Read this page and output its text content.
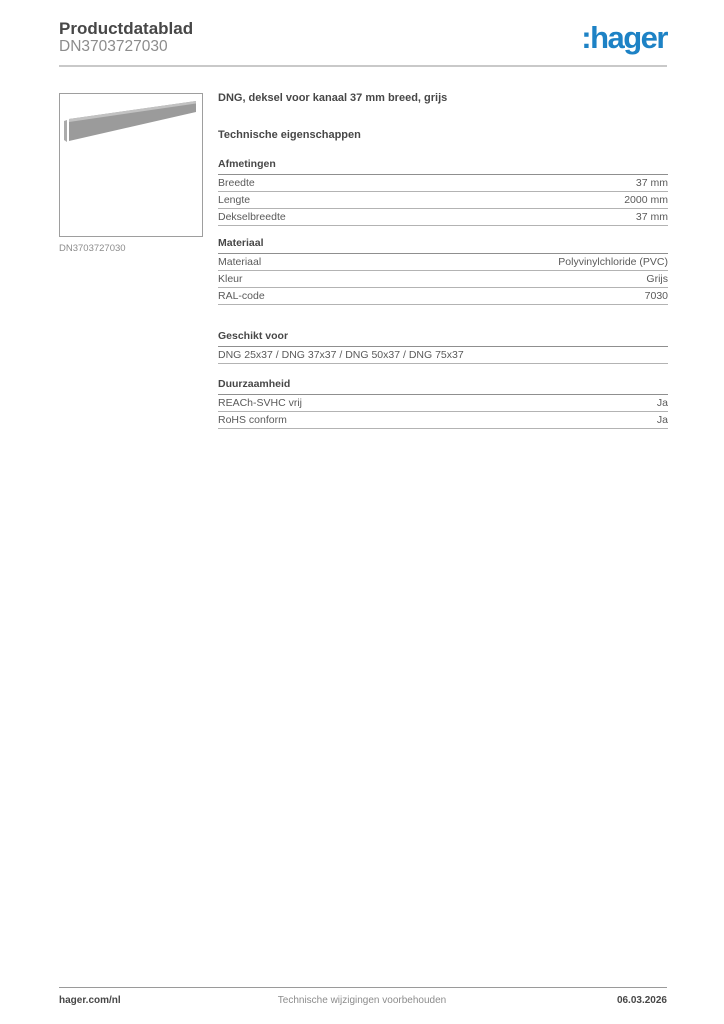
Productdatablad
DN3703727030	:hager
DN3703727030
DNG, deksel voor kanaal 37 mm breed, grijs
Technische eigenschappen
Afmetingen
Breedte	37 mm
Lengte	2000 mm
Dekselbreedte	37 mm
Materiaal
Materiaal	Polyvinylchloride (PVC)
Kleur	Grijs
RAL-code	7030
Geschikt voor
DNG 25x37 / DNG 37x37 / DNG 50x37 / DNG 75x37
Duurzaamheid
REACh-SVHC vrij	Ja
RoHS conform	Ja
hager.com/nl	Technische wijzigingen voorbehouden	06.03.2026
